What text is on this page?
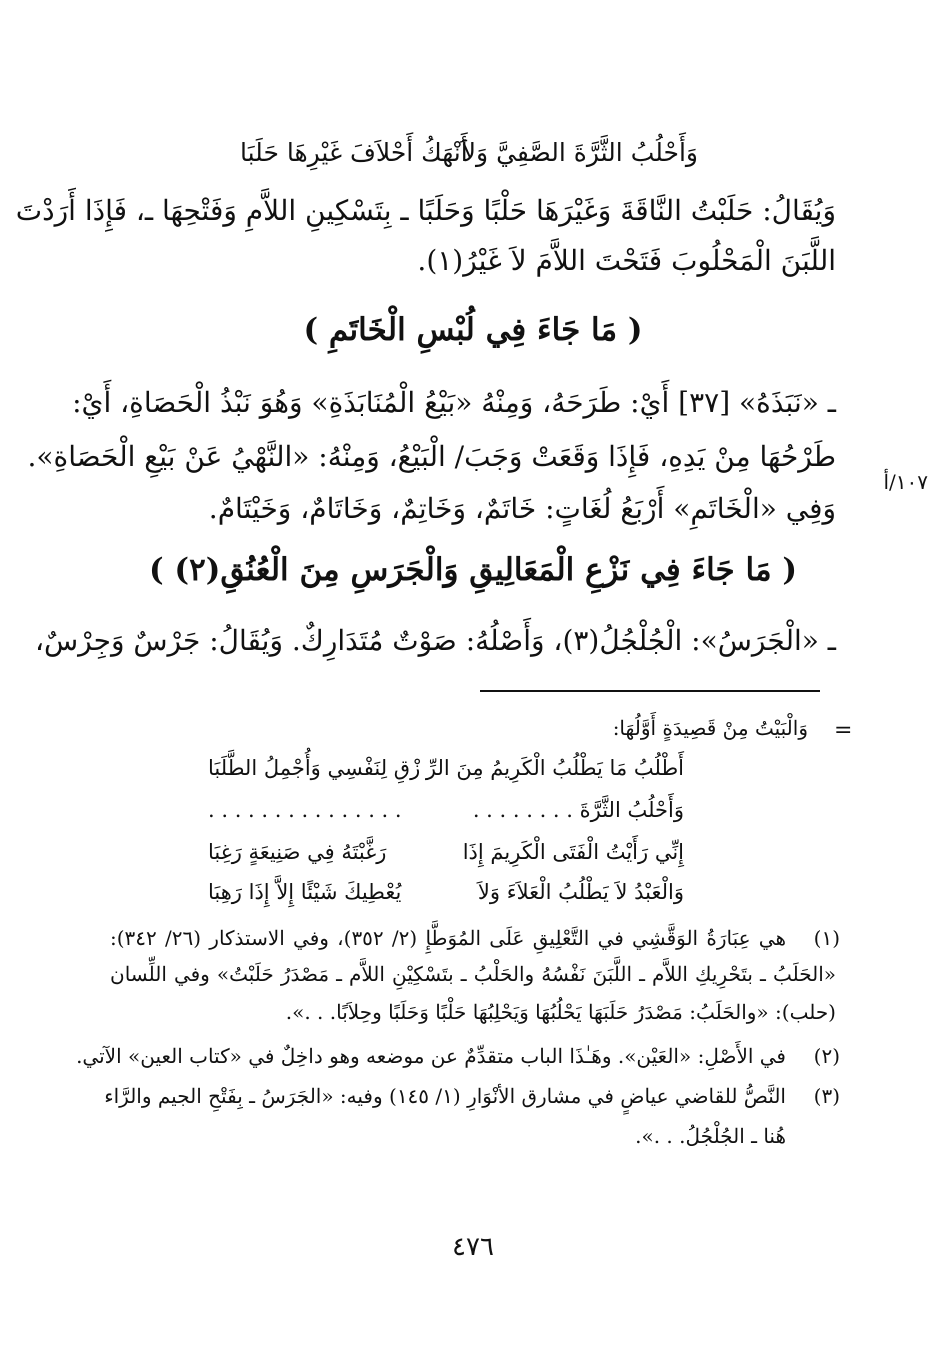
وَأَحْلُبُ الثَّرَّةَ الصَّفِيَّ وَلاَ
أَنْهَكُ أَحْلاَفَ غَيْرِهَا حَلَبَا
وَيُقَالُ: حَلَبْتُ النَّاقَةَ وَغَيْرَهَا حَلْبًا وَحَلَبًا ـ بِتَسْكِينِ اللاَّمِ وَفَتْحِهَا ـ، فَإِذَا أَرَدْتَ
اللَّبَنَ الْمَحْلُوبَ فَتَحْتَ اللاَّمَ لاَ غَيْرُ(١).
( مَا جَاءَ فِي لُبْسِ الْخَاتَمِ )
ـ «نَبَذَهُ» [٣٧] أَيْ: طَرَحَهُ، وَمِنْهُ «بَيْعُ الْمُنَابَذَةِ» وَهُوَ نَبْذُ الْحَصَاةِ، أَيْ:
طَرْحُهَا مِنْ يَدِهِ، فَإِذَا وَقَعَتْ وَجَبَ/ الْبَيْعُ، وَمِنْهُ: «النَّهْيُ عَنْ بَيْعِ الْحَصَاةِ».
وَفِي «الْخَاتَمِ» أَرْبَعُ لُغَاتٍ: خَاتَمٌ، وَخَاتِمٌ، وَخَاتَامٌ، وَخَيْتَامٌ.
١٠٧/أ
( مَا جَاءَ فِي نَزْعِ الْمَعَالِيقِ وَالْجَرَسِ مِنَ الْعُنُقِ(٢) )
ـ «الْجَرَسُ»: الْجُلْجُلُ(٣)، وَأَصْلُهُ: صَوْتٌ مُتَدَارِكٌ. وَيُقَالُ: جَرْسٌ وَجِرْسٌ،
=
وَالْبَيْتُ مِنْ قَصِيدَةٍ أَوَّلُهَا:
أَطْلُبُ مَا يَطْلُبُ الْكَرِيمُ مِنَ الرِّ
زْقِ لِنَفْسِي وَأُجْمِلُ الطَّلَبَا
وَأَحْلُبُ الثَّرَّةَ . . . . . . . .
. . . . . . . . . . . . . . .
إِنِّي رَأَيْتُ الْفَتَى الْكَرِيمَ إِذَا
رَغَّبْتَهُ فِي صَنِيعَةٍ رَغِبَا
وَالْعَبْدُ لاَ يَطْلُبُ الْعَلاَءَ وَلاَ
يُعْطِيكَ شَيْئًا إِلاَّ إِذَا رَهِبَا
(١)
هي عِبَارَةُ الوَقَّشِي في التَّعْلِيقِ عَلَى المُوَطَّإِ (٢/ ٣٥٢)، وفي الاستذكار (٢٦/ ٣٤٢):
«الحَلَبُ ـ بتَحْرِيكِ اللاَّم ـ اللَّبَنَ نَفْسُهُ والحَلْبُ ـ بتَسْكِيْنِ اللاَّم ـ مَصْدَرُ حَلَبْتُ» وفي اللِّسان
(حلب): «والحَلَبُ: مَصْدَرُ حَلَبَهَا يَحْلُبُهَا وَيَحْلِبُهَا حَلْبًا وَحَلَبًا وحِلاَبًا. . .».
(٢)
في الأَصْلِ: «العَيْن». وهَـٰذَا الباب متقدِّمٌ عن موضعه وهو داخِلٌ في «كتاب العين» الآتي.
(٣)
النَّصُّ للقاضي عياضٍ في مشارق الأنْوَارِ (١/ ١٤٥) وفيه: «الجَرَسُ ـ بِفَتْحِ الجيم والرَّاء
هُنا ـ الجُلْجُلُ. . .».
٤٧٦
